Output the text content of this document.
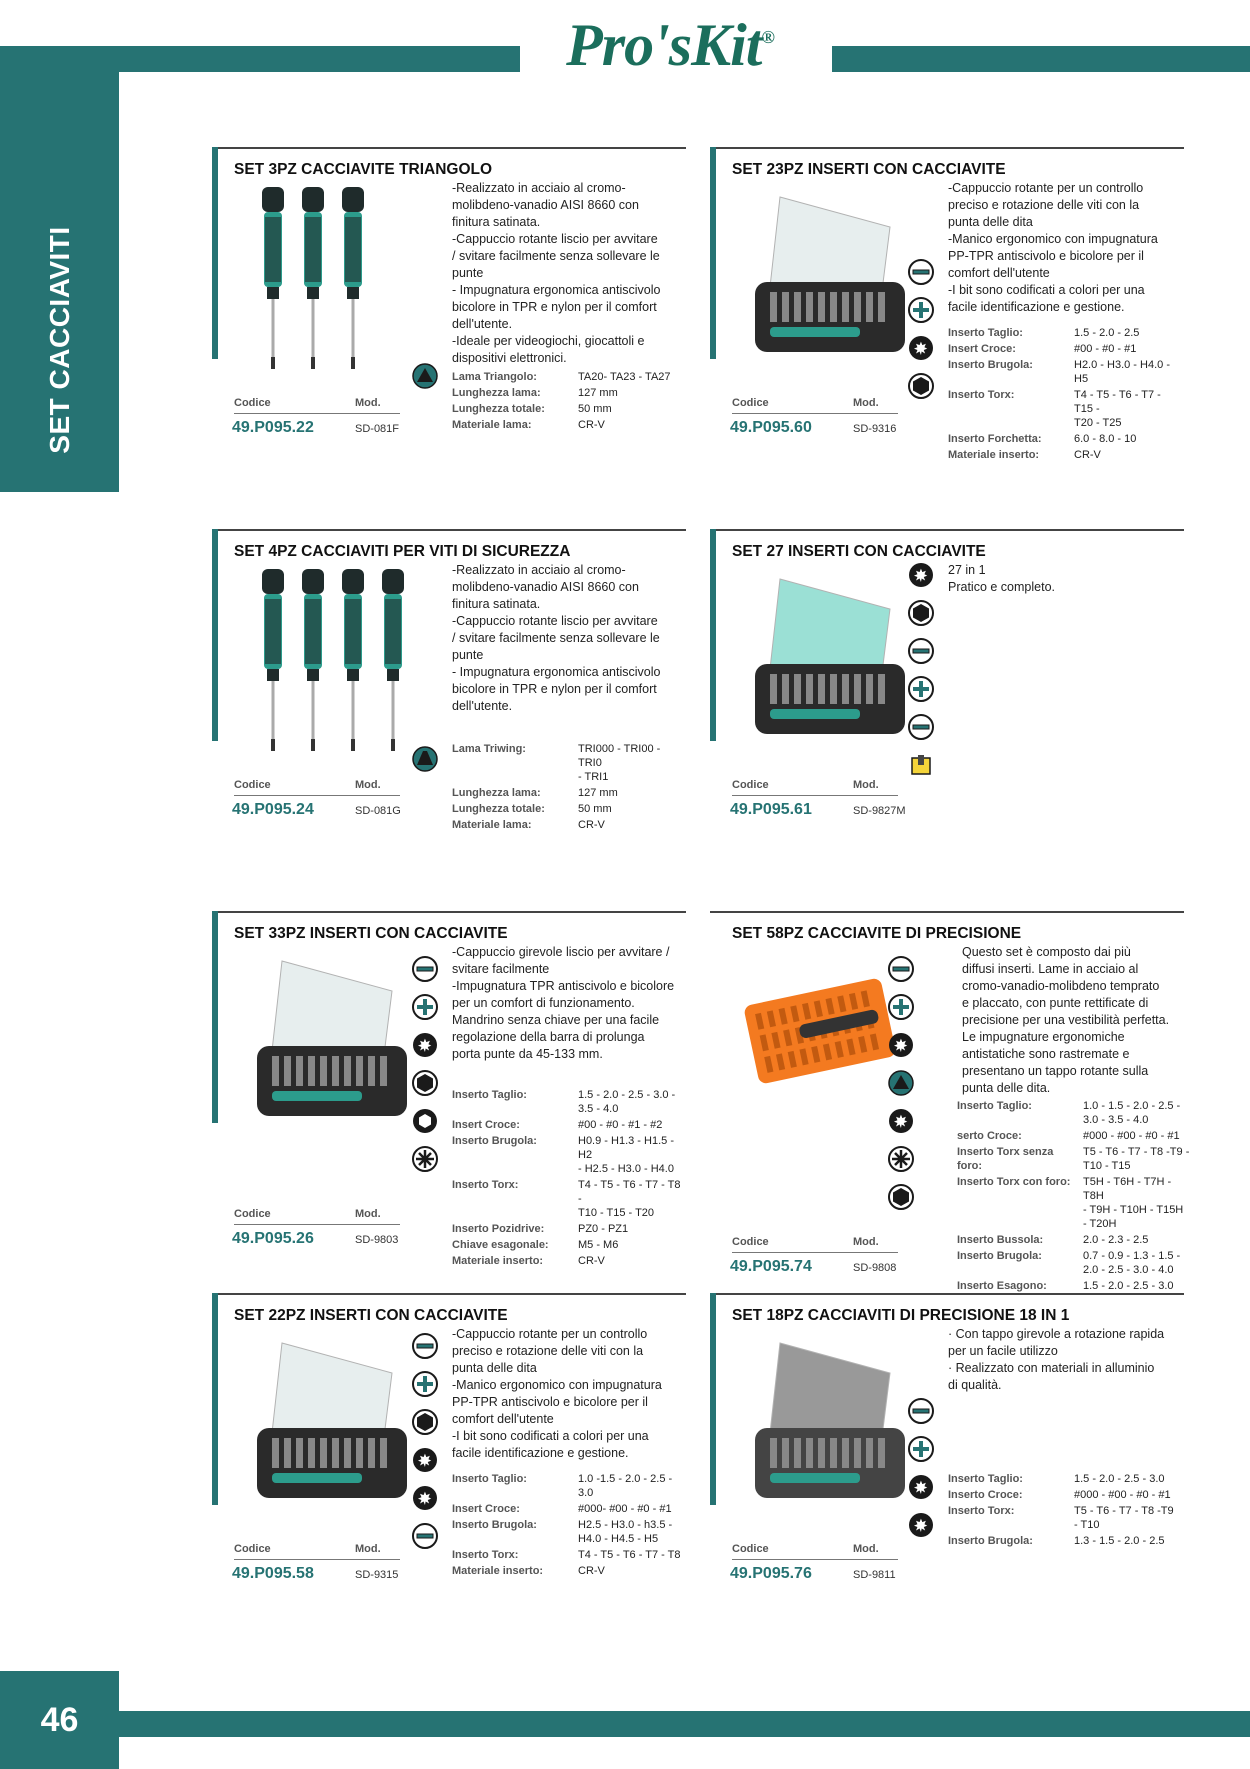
Pro'sKit®
SET CACCIAVITI
46
SET 3PZ CACCIAVITE TRIANGOLO
-Realizzato in acciaio al cromo-
molibdeno-vanadio AISI 8660 con
finitura satinata.
-Cappuccio rotante liscio per avvitare
/ svitare facilmente senza sollevare le
punte
- Impugnatura ergonomica antiscivolo
bicolore in TPR e nylon per il comfort
dell'utente.
-Ideale per videogiochi, giocattoli e
dispositivi elettronici.
Lama Triangolo:	TA20- TA23 - TA27
Lunghezza lama:	127 mm
Lunghezza totale:	50 mm
Materiale lama:	CR-V
Codice	Mod.
49.P095.22	SD-081F
SET 23PZ INSERTI CON CACCIAVITE
-Cappuccio rotante per un controllo
preciso e rotazione delle viti con la
punta delle dita
-Manico ergonomico con impugnatura
PP-TPR antiscivolo e bicolore per il
comfort dell'utente
-I bit sono codificati a colori per una
facile identificazione e gestione.
Inserto Taglio:	1.5 - 2.0 - 2.5
Insert Croce:	#00 - #0 - #1
Inserto Brugola:	H2.0 - H3.0 - H4.0 - H5
Inserto Torx:	T4 - T5 - T6 - T7 - T15 -
T20 - T25
Inserto Forchetta:	6.0 - 8.0 - 10
Materiale inserto:	CR-V
Codice	Mod.
49.P095.60	SD-9316
SET 4PZ CACCIAVITI PER VITI DI SICUREZZA
-Realizzato in acciaio al cromo-
molibdeno-vanadio AISI 8660 con
finitura satinata.
-Cappuccio rotante liscio per avvitare
/ svitare facilmente senza sollevare le
punte
- Impugnatura ergonomica antiscivolo
bicolore in TPR e nylon per il comfort
dell'utente.
Lama Triwing:	TRI000 - TRI00 - TRI0
- TRI1
Lunghezza lama:	127 mm
Lunghezza totale:	50 mm
Materiale lama:	CR-V
Codice	Mod.
49.P095.24	SD-081G
SET 27 INSERTI CON CACCIAVITE
27 in 1
Pratico e completo.
Codice	Mod.
49.P095.61	SD-9827M
SET 33PZ INSERTI CON CACCIAVITE
-Cappuccio girevole liscio per avvitare /
svitare facilmente
-Impugnatura TPR antiscivolo e bicolore
per un comfort di funzionamento.
Mandrino senza chiave per una facile
regolazione della barra di prolunga
porta punte da 45-133 mm.
Inserto Taglio:	1.5 - 2.0 - 2.5 - 3.0 -
3.5 - 4.0
Insert Croce:	#00 - #0 - #1 - #2
Inserto Brugola:	H0.9 - H1.3 - H1.5 - H2
- H2.5 - H3.0 - H4.0
Inserto Torx:	T4 - T5 - T6 - T7 - T8 -
T10 - T15 - T20
Inserto Pozidrive:	PZ0 - PZ1
Chiave esagonale:	M5 - M6
Materiale inserto:	CR-V
Codice	Mod.
49.P095.26	SD-9803
SET 58PZ CACCIAVITE DI PRECISIONE
Questo set è composto dai più
diffusi inserti. Lame in acciaio al
cromo-vanadio-molibdeno temprato
e placcato, con punte rettificate di
precisione per una vestibilità perfetta.
Le impugnature ergonomiche
antistatiche sono rastremate e
presentano un tappo rotante sulla
punta delle dita.
Inserto Taglio:	1.0 - 1.5 - 2.0 - 2.5 -
3.0 - 3.5 - 4.0
serto Croce:	#000 - #00 - #0 - #1
Inserto Torx senza
foro:	T5 - T6 - T7 - T8 -T9 -
T10 - T15
Inserto Torx con foro:	T5H - T6H - T7H - T8H
- T9H - T10H - T15H
- T20H
Inserto Bussola:	2.0 - 2.3 - 2.5
Inserto Brugola:	0.7 - 0.9 - 1.3 - 1.5 -
2.0 - 2.5 - 3.0 - 4.0
Inserto Esagono:	1.5 - 2.0 - 2.5 - 3.0
Codice	Mod.
49.P095.74	SD-9808
SET 22PZ INSERTI CON CACCIAVITE
-Cappuccio rotante per un controllo
preciso e rotazione delle viti con la
punta delle dita
-Manico ergonomico con impugnatura
PP-TPR antiscivolo e bicolore per il
comfort dell'utente
-I bit sono codificati a colori per una
facile identificazione e gestione.
Inserto Taglio:	1.0 -1.5 - 2.0 - 2.5 - 3.0
Insert Croce:	#000- #00 - #0 - #1
Inserto Brugola:	H2.5 - H3.0 - h3.5 -
H4.0 - H4.5 - H5
Inserto Torx:	T4 - T5 - T6 - T7 - T8
Materiale inserto:	CR-V
Codice	Mod.
49.P095.58	SD-9315
SET 18PZ CACCIAVITI DI PRECISIONE 18 IN 1
· Con tappo girevole a rotazione rapida
per un facile utilizzo
· Realizzato con materiali in alluminio
di qualità.
Inserto Taglio:	1.5 - 2.0 - 2.5 - 3.0
Inserto Croce:	#000 - #00 - #0 - #1
Inserto Torx:	T5 - T6 - T7 - T8 -T9
- T10
Inserto Brugola:	1.3 - 1.5 - 2.0 - 2.5
Codice	Mod.
49.P095.76	SD-9811
